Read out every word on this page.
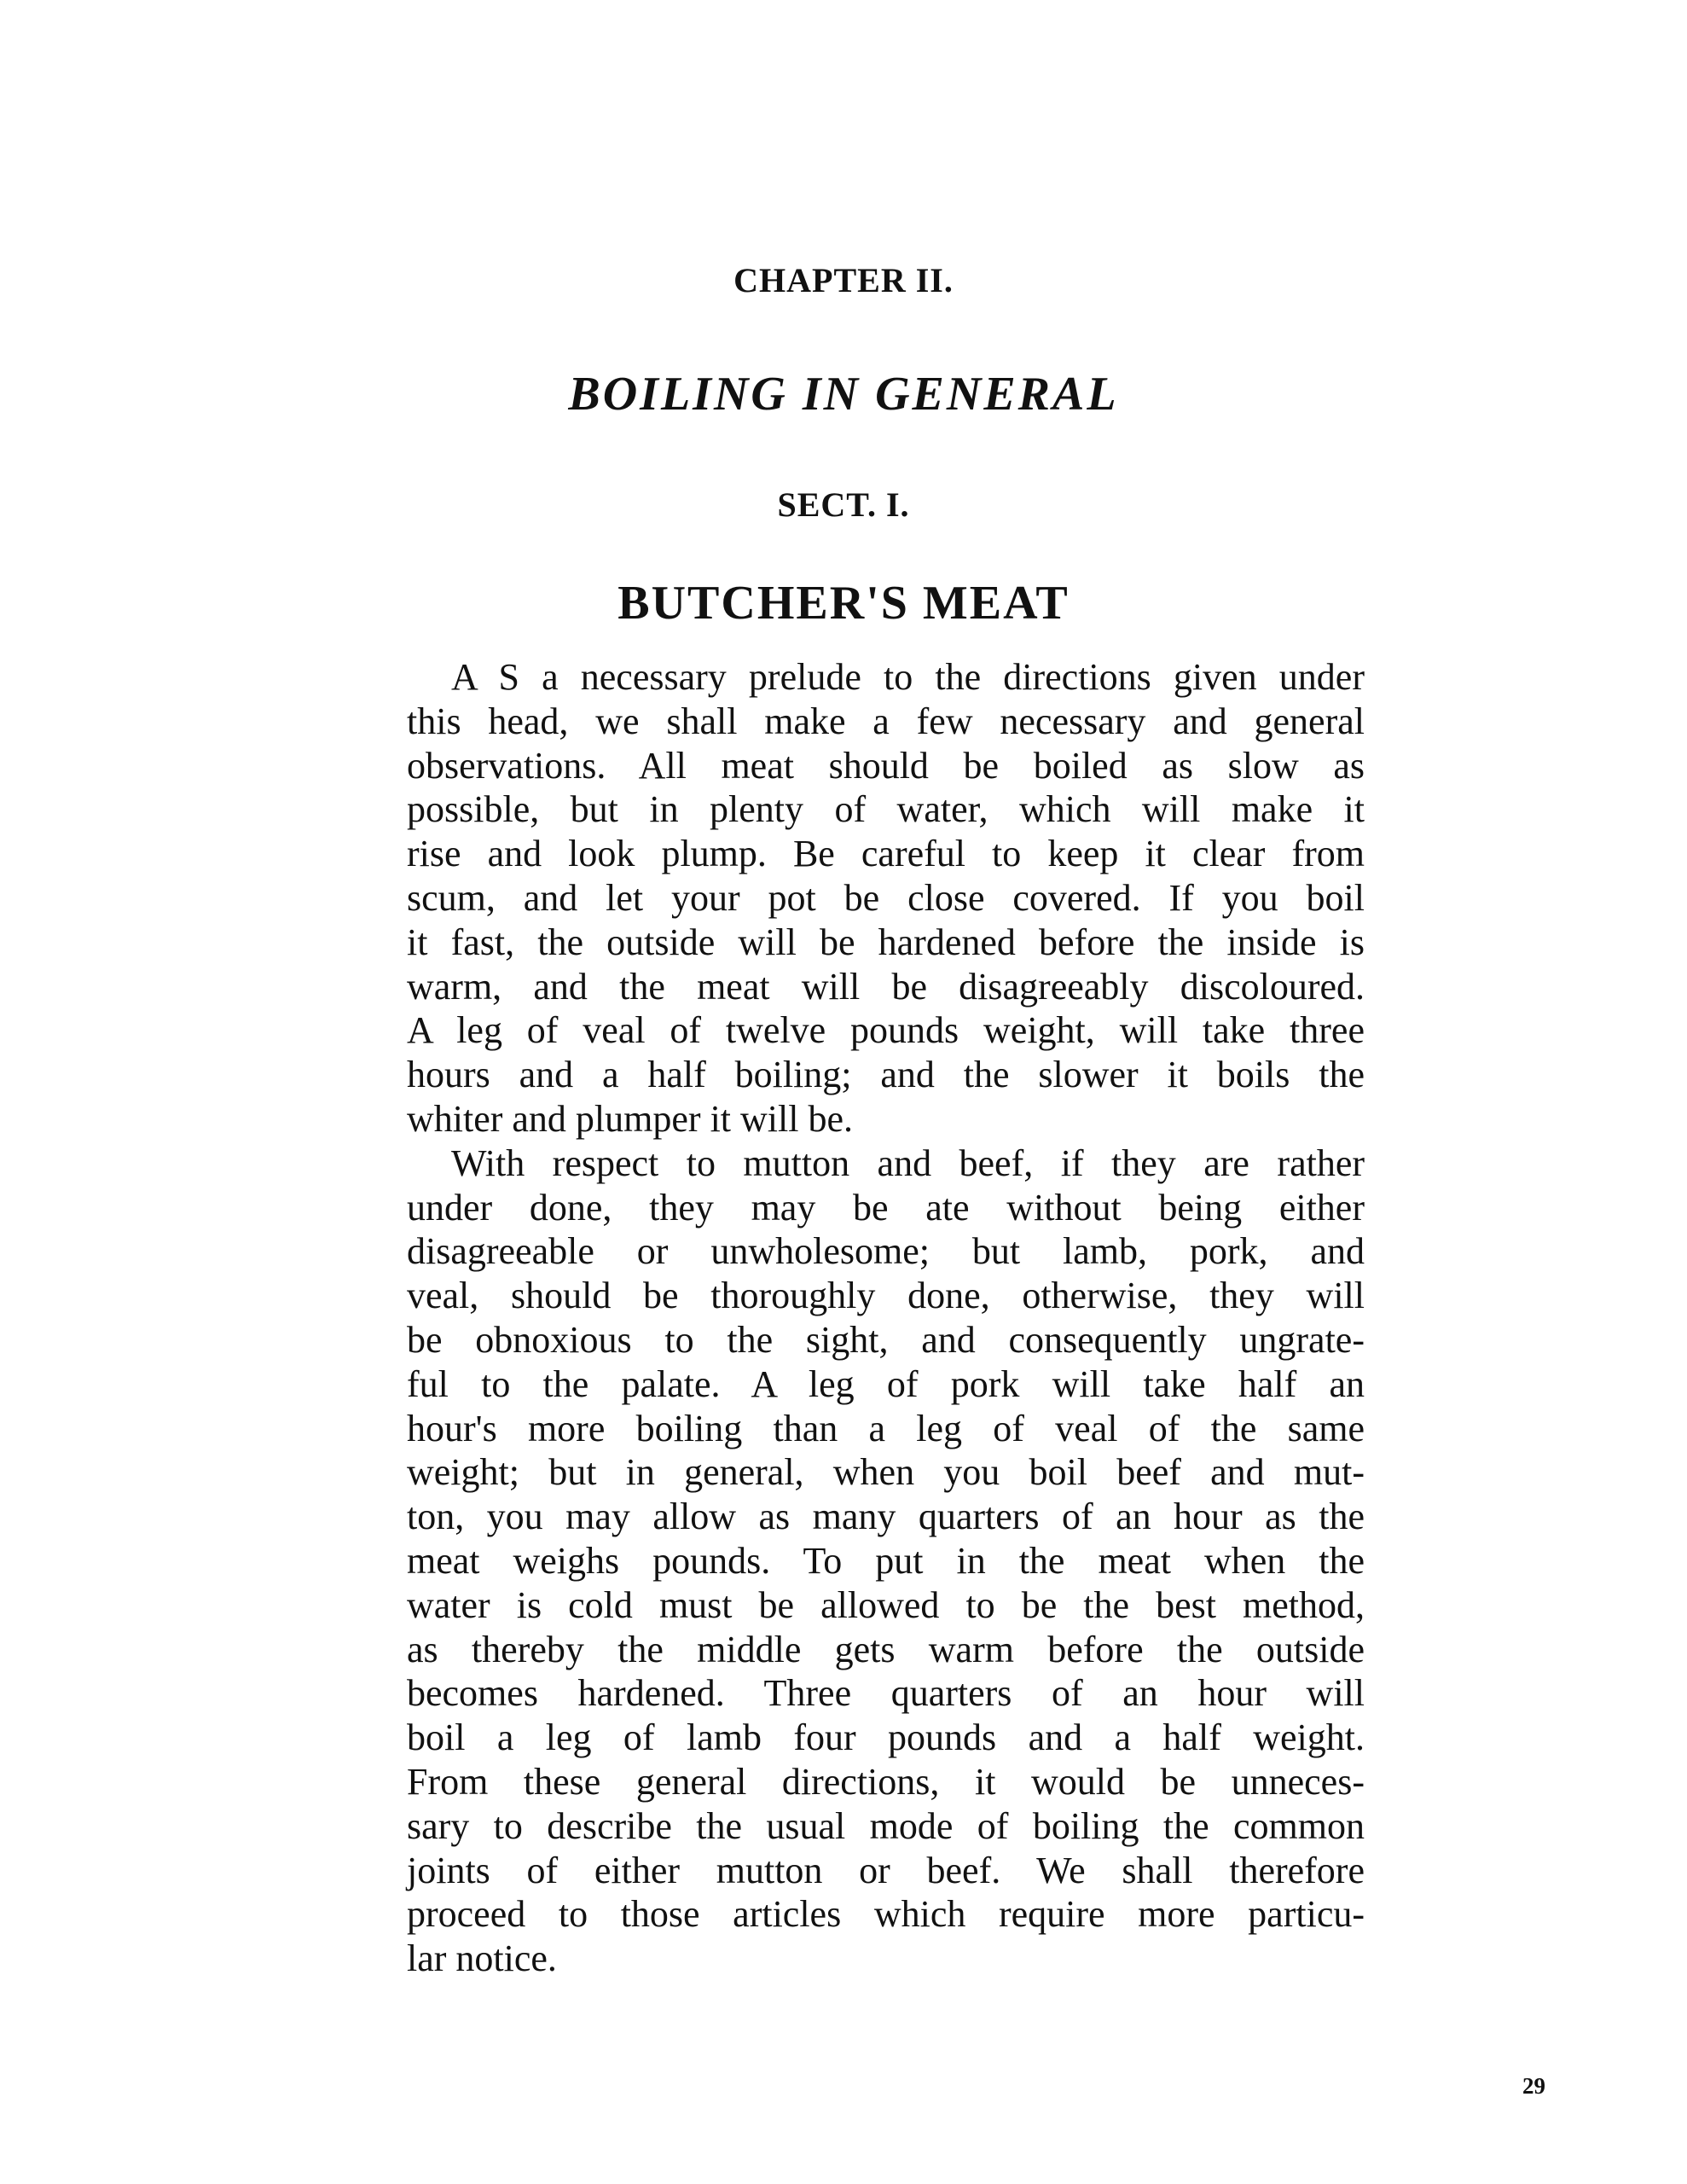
CHAPTER II.
BOILING IN GENERAL
SECT. I.
BUTCHER'S MEAT
A S a necessary prelude to the directions given under
this head, we shall make a few necessary and general
observations. All meat should be boiled as slow as
possible, but in plenty of water, which will make it
rise and look plump. Be careful to keep it clear from
scum, and let your pot be close covered. If you boil
it fast, the outside will be hardened before the inside is
warm, and the meat will be disagreeably discoloured.
A leg of veal of twelve pounds weight, will take three
hours and a half boiling; and the slower it boils the
whiter and plumper it will be.
With respect to mutton and beef, if they are rather
under done, they may be ate without being either
disagreeable or unwholesome; but lamb, pork, and
veal, should be thoroughly done, otherwise, they will
be obnoxious to the sight, and consequently ungrate-
ful to the palate. A leg of pork will take half an
hour's more boiling than a leg of veal of the same
weight; but in general, when you boil beef and mut-
ton, you may allow as many quarters of an hour as the
meat weighs pounds. To put in the meat when the
water is cold must be allowed to be the best method,
as thereby the middle gets warm before the outside
becomes hardened. Three quarters of an hour will
boil a leg of lamb four pounds and a half weight.
From these general directions, it would be unneces-
sary to describe the usual mode of boiling the common
joints of either mutton or beef. We shall therefore
proceed to those articles which require more particu-
lar notice.
29
